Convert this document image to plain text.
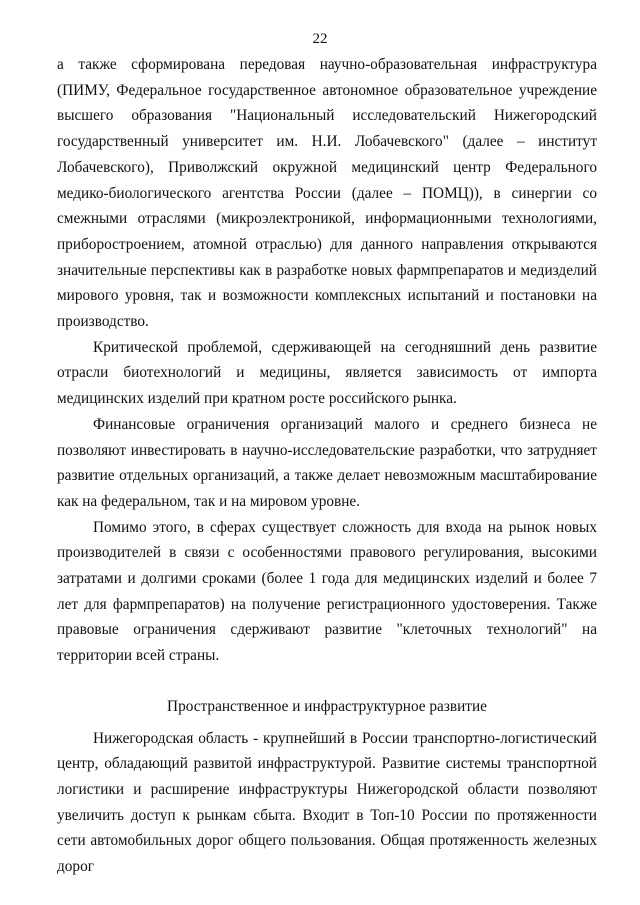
22

а также сформирована передовая научно-образовательная инфраструктура (ПИМУ, Федеральное государственное автономное образовательное учреждение высшего образования "Национальный исследовательский Нижегородский государственный университет им. Н.И. Лобачевского" (далее – институт Лобачевского), Приволжский окружной медицинский центр Федерального медико-биологического агентства России (далее – ПОМЦ)), в синергии со смежными отраслями (микроэлектроникой, информационными технологиями, приборостроением, атомной отраслью) для данного направления открываются значительные перспективы как в разработке новых фармпрепаратов и медизделий мирового уровня, так и возможности комплексных испытаний и постановки на производство.

Критической проблемой, сдерживающей на сегодняшний день развитие отрасли биотехнологий и медицины, является зависимость от импорта медицинских изделий при кратном росте российского рынка.

Финансовые ограничения организаций малого и среднего бизнеса не позволяют инвестировать в научно-исследовательские разработки, что затрудняет развитие отдельных организаций, а также делает невозможным масштабирование как на федеральном, так и на мировом уровне.

Помимо этого, в сферах существует сложность для входа на рынок новых производителей в связи с особенностями правового регулирования, высокими затратами и долгими сроками (более 1 года для медицинских изделий и более 7 лет для фармпрепаратов) на получение регистрационного удостоверения. Также правовые ограничения сдерживают развитие "клеточных технологий" на территории всей страны.

Пространственное и инфраструктурное развитие

Нижегородская область - крупнейший в России транспортно-логистический центр, обладающий развитой инфраструктурой. Развитие системы транспортной логистики и расширение инфраструктуры Нижегородской области позволяют увеличить доступ к рынкам сбыта. Входит в Топ-10 России по протяженности сети автомобильных дорог общего пользования. Общая протяженность железных дорог
